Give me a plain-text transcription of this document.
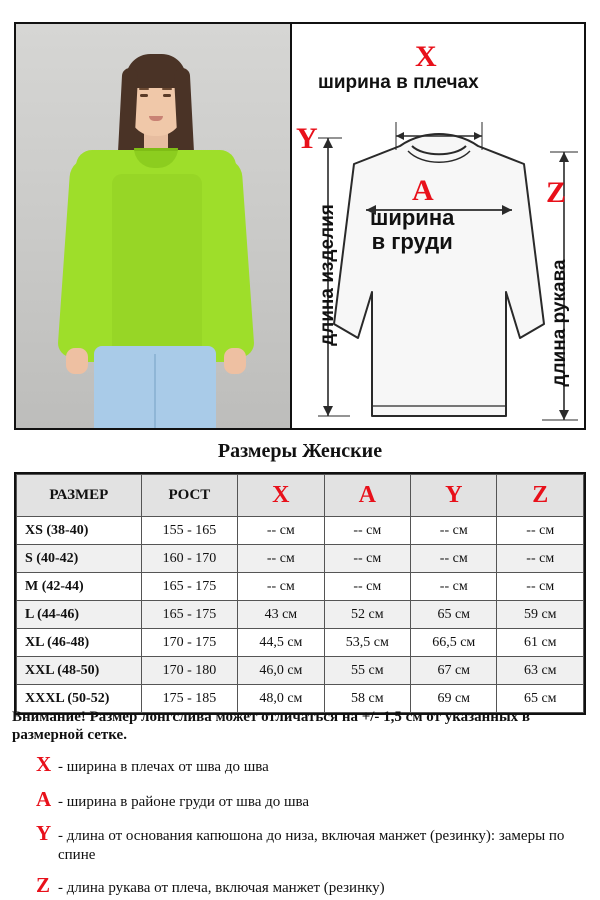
X
ширина в плечах
A
ширина
в груди
Y
длина изделия
Z
длина рукава
Размеры Женские
РАЗМЕР	РОСТ	X	A	Y	Z
XS (38-40)	155 - 165	-- см	-- см	-- см	-- см
S (40-42)	160 - 170	-- см	-- см	-- см	-- см
M (42-44)	165 - 175	-- см	-- см	-- см	-- см
L (44-46)	165 - 175	43 см	52 см	65 см	59 см
XL (46-48)	170 - 175	44,5 см	53,5 см	66,5 см	61 см
XXL (48-50)	170 - 180	46,0 см	55 см	67 см	63 см
XXXL (50-52)	175 - 185	48,0 см	58 см	69 см	65 см
Внимание! Размер лонгслива может отличаться на +/- 1,5 см от указанных в размерной сетке.
X - ширина в плечах от шва до шва
A - ширина в районе груди от шва до шва
Y - длина от основания капюшона до низа, включая манжет (резинку): замеры по спине
Z - длина рукава от плеча, включая манжет (резинку)
